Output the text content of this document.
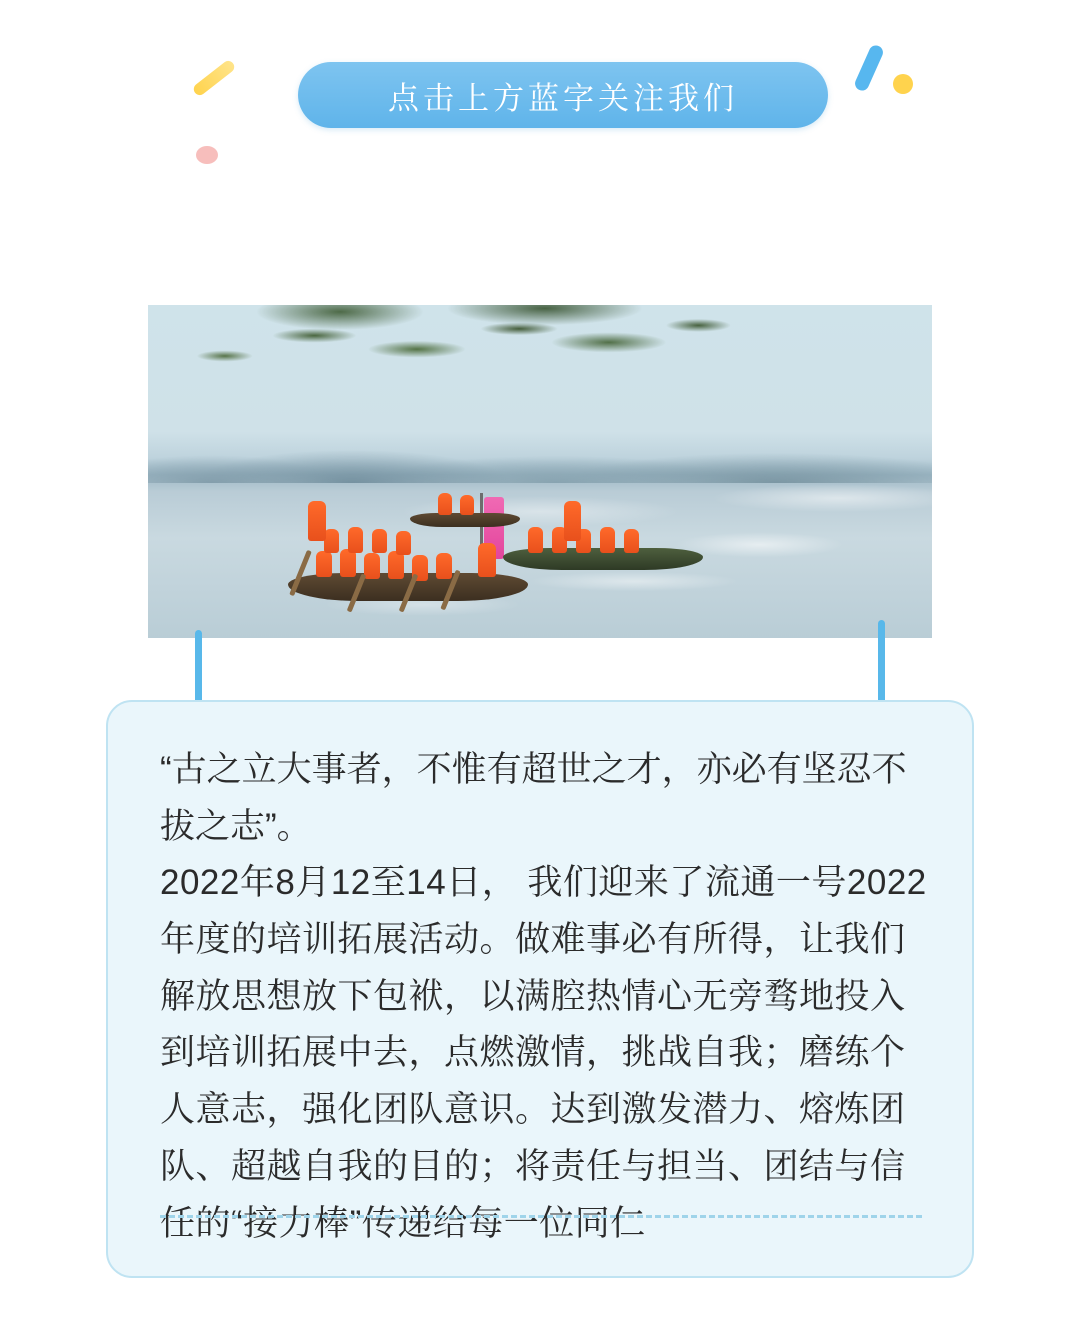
点击上方蓝字关注我们
“古之立大事者，不惟有超世之才，亦必有坚忍不拔之志”。
2022年8月12至14日， 我们迎来了流通一号2022年度的培训拓展活动。做难事必有所得，让我们解放思想放下包袱，以满腔热情心无旁骛地投入到培训拓展中去，点燃激情，挑战自我；磨练个人意志，强化团队意识。达到激发潜力、熔炼团队、超越自我的目的；将责任与担当、团结与信任的“接力棒”传递给每一位同仁
